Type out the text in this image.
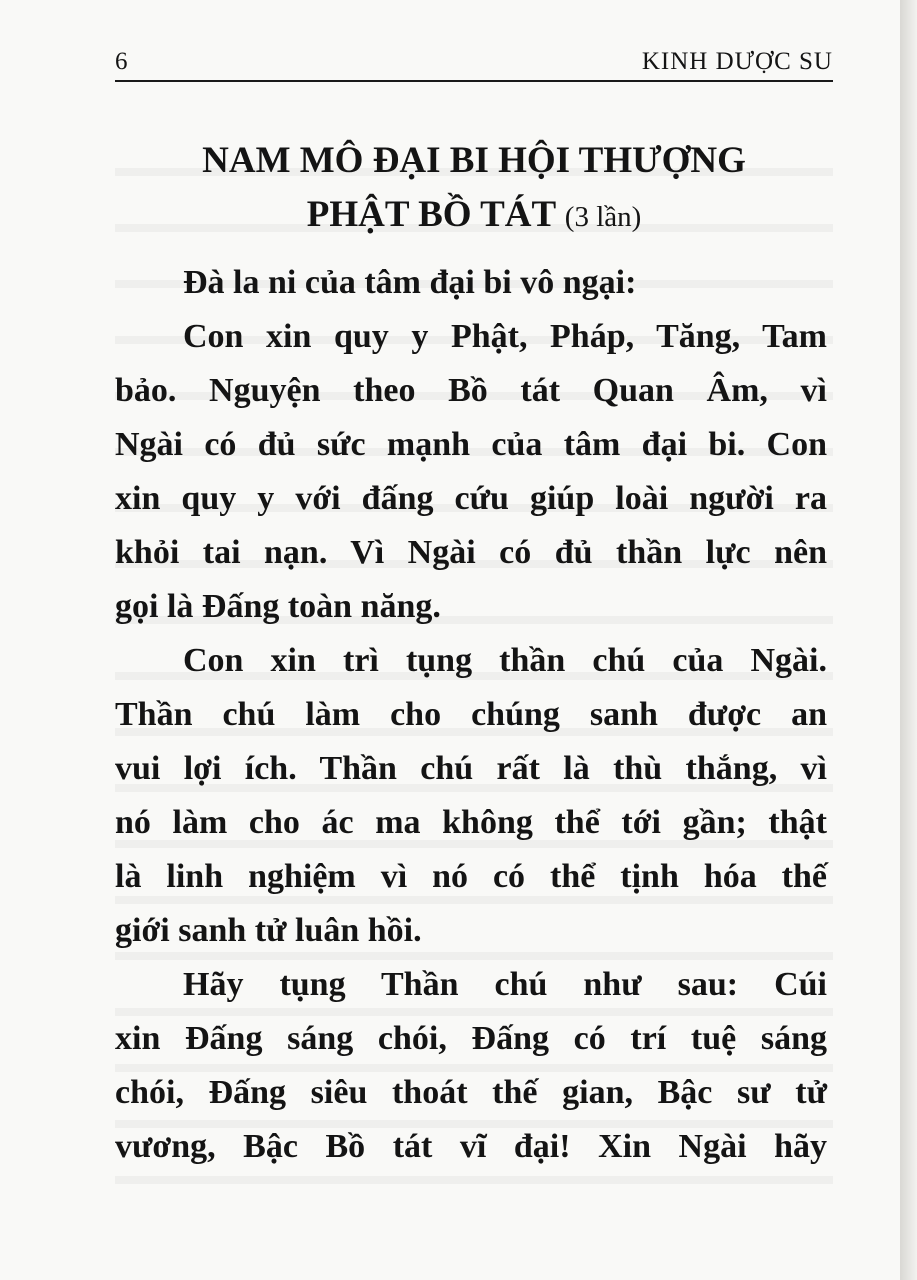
6	KINH DƯỢC SU
NAM MÔ ĐẠI BI HỘI THƯỢNG
PHẬT BỒ TÁT (3 lần)
Đà la ni của tâm đại bi vô ngại:
Con xin quy y Phật, Pháp, Tăng, Tam
bảo. Nguyện theo Bồ tát Quan Âm, vì
Ngài có đủ sức mạnh của tâm đại bi. Con
xin quy y với đấng cứu giúp loài người ra
khỏi tai nạn. Vì Ngài có đủ thần lực nên
gọi là Đấng toàn năng.
Con xin trì tụng thần chú của Ngài.
Thần chú làm cho chúng sanh được an
vui lợi ích. Thần chú rất là thù thắng, vì
nó làm cho ác ma không thể tới gần; thật
là linh nghiệm vì nó có thể tịnh hóa thế
giới sanh tử luân hồi.
Hãy tụng Thần chú như sau: Cúi
xin Đấng sáng chói, Đấng có trí tuệ sáng
chói, Đấng siêu thoát thế gian, Bậc sư tử
vương, Bậc Bồ tát vĩ đại! Xin Ngài hãy
